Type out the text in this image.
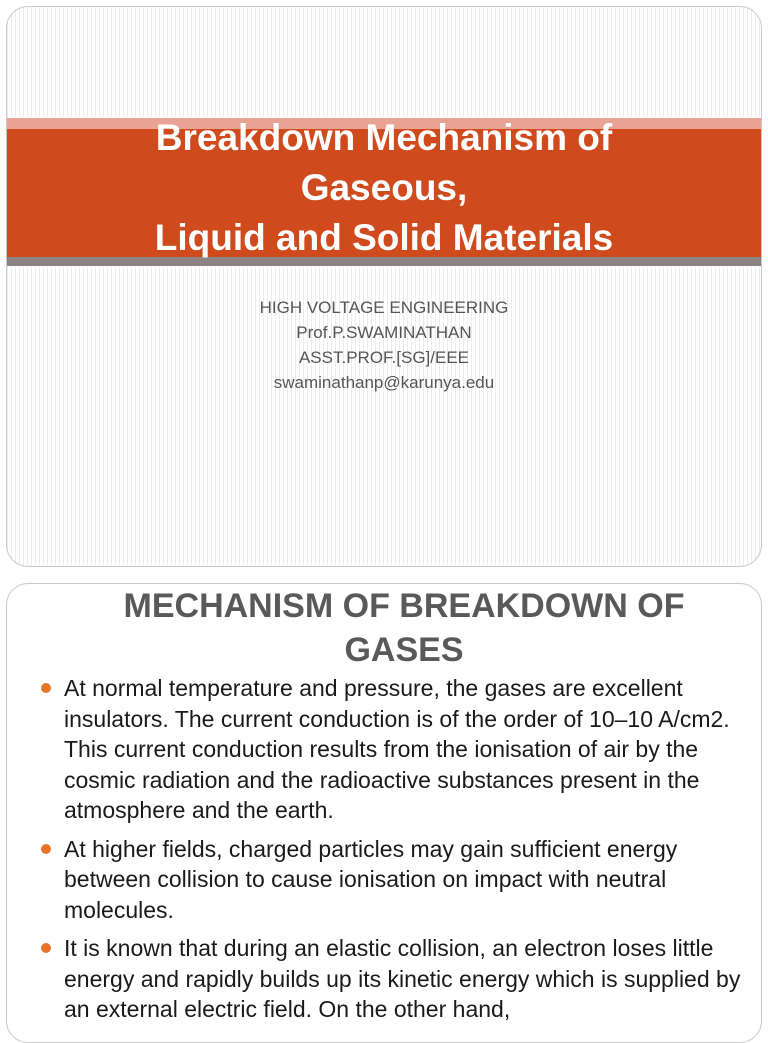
Breakdown Mechanism of
Gaseous,
Liquid and Solid Materials
HIGH VOLTAGE ENGINEERING
Prof.P.SWAMINATHAN
ASST.PROF.[SG]/EEE
swaminathanp@karunya.edu
MECHANISM OF BREAKDOWN OF
GASES
At normal temperature and pressure, the gases are excellent insulators. The current conduction is of the order of 10–10 A/cm2. This current conduction results from the ionisation of air by the cosmic radiation and the radioactive substances present in the atmosphere and the earth.
At higher fields, charged particles may gain sufficient energy between collision to cause ionisation on impact with neutral molecules.
It is known that during an elastic collision, an electron loses little energy and rapidly builds up its kinetic energy which is supplied by an external electric field. On the other hand,
